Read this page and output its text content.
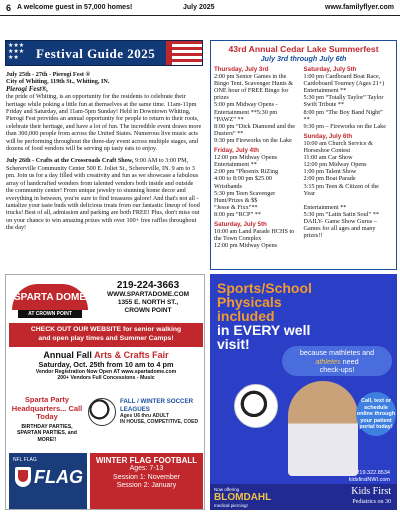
6 A welcome guest in 57,000 homes!	July 2025	www.familyflyer.com
★★★
★★★
★★	Festival Guide 2025
July 25th - 27th - Pierogi Fest ®
City of Whiting, 119th St., Whiting, IN.
Pierogi Fest®,
the pride of Whiting, is an opportunity for the residents to celebrate their heritage while poking a little fun at themselves at the same time. 11am-11pm Friday and Saturday, and 11am-5pm Sunday! Held in Downtown Whiting, Pierogi Fest provides an annual opportunity for people to return to their roots, celebrate their heritage, and have a lot of fun. The incredible event draws more than 300,000 people from across the United States. Numerous live music acts will be performing throughout the three-day event across multiple stages, and dozens of food vendors will be serving up tasty eats to enjoy.
July 26th - Crafts at the Crossroads Craft Show, 9:00 AM to 3:00 PM, Schererville Community Center 500 E. Joliet St., Schererville, IN. 9 am to 3 pm. Join us for a day filled with creativity and fun as we showcase a fabulous array of handcrafted wonders from talented vendors both inside and outside the community center! From unique jewelry to stunning home decor and everything in between, you're sure to find treasures galore! And that's not all - tantalize your taste buds with delicious treats from our fantastic lineup of food trucks! Best of all, admission and parking are both FREE! Plus, don't miss out on your chance to win amazing prizes with over 100+ free raffles throughout the day!
43rd Annual Cedar Lake Summerfest
July 3rd through July 6th
Thursday, July 3rd
2:00 pm Senior Games in the Bingo Tent. Scavenger Hunts & ONE hour of FREE Bingo for prizes
5:00 pm Midway Opens - Entertainment **5:30 pm “PAWZ” **
8:00 pm “Dick Diamond and the Dusters” **
9:30 pm Fireworks on the Lake
Friday, July 4th
12:00 pm Midway Opens Entertainment **
2:00 pm “Phoenix RiZing
4:00 to 8:00 pm $25.00 Wristbands
5:30 pm Teen Scavenger Hunt/Prizes & $$
“Jesse & Fixx”**
8:00 pm “RCP” **
Saturday, July 5th
10:00 am Land Parade HCHS to the Town Complex
12:00 pm Midway Opens
Saturday, July 5th
1:00 pm Cardboard Boat Race, Cardoboard Tourney (Ages 21+)
Entertainment **
5:30 pm “Totally Taylor” Taylor Swift Tribute **
8:00 pm “The Boy Band Night” **
9:30 pm – Fireworks on the Lake
Sunday, July 6th
10:00 am Church Service & Horseshoe Contest
11:00 am Car Show
12:00 pm Midway Opens
1:00 pm Talent Show
2:00 pm Boat Parade
3:15 pm Teen & Citizen of the Year
Entertainment **
5:30 pm “Latin Satin Soul” **
DAILY- Game Show Gurus – Games for all ages and many prizes!!
SPARTA DOME
AT CROWN POINT
219-224-3663
WWW.SPARTADOME.COM
1355 E. NORTH ST.,
CROWN POINT
CHECK OUT OUR WEBSITE for senior walking
and open play times and Summer Camps!
Annual Fall Arts & Crafts Fair
Saturday, Oct. 25th from 10 am to 4 pm
Vendor Registration Now Open AT www.spartadome.com
200+ Vendors Full Concessions - Music
Sparta Party Headquarters... Call Today
BIRTHDAY PARTIES, SPARTAN PARTIES, and MORE!!
FALL / WINTER SOCCER LEAGUES
Ages U6 thru ADULT
IN HOUSE, COMPETITIVE, COED
NFL FLAG
FLAG
WINTER FLAG FOOTBALL
Ages: 7-13
Session 1: November
Session 2: January
Sports/School
Physicals
included
in EVERY well
visit!
because mathletes and
athletes need
check-ups!
Call, text or schedule online through your patient portal today!
Now offering
BLOMDAHL
medical piercing!
Kids First
Pediatrics on 30
219.322.8534
kidsfirstNWI.com
